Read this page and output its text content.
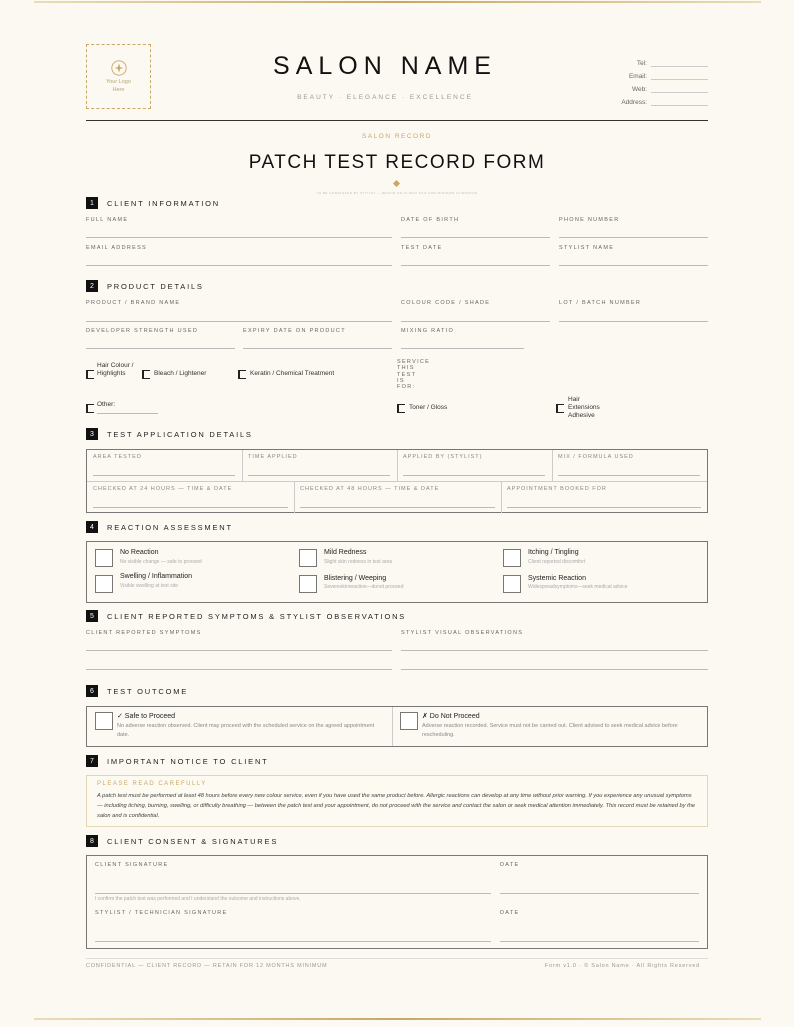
Your Logo Here
SALON NAME
BEAUTY · ELEGANCE · EXCELLENCE
Tel:
Email:
Web:
Address:
SALON RECORD
PATCH TEST RECORD FORM
TO BE COMPLETED BY STYLIST — RETAIN ON CLIENT FILE FOR MINIMUM 12 MONTHS
1	CLIENT INFORMATION
FULL NAME	DATE OF BIRTH	PHONE NUMBER
EMAIL ADDRESS	TEST DATE	STYLIST NAME
2	PRODUCT DETAILS
PRODUCT / BRAND NAME	COLOUR CODE / SHADE	LOT / BATCH NUMBER
DEVELOPER STRENGTH USED	EXPIRY DATE ON PRODUCT	MIXING RATIO
Hair Colour / Highlights	Bleach / Lightener	Keratin / Chemical Treatment
SERVICE THIS TEST IS FOR:
Other:	Toner / Gloss
Hair Extensions Adhesive
3	TEST APPLICATION DETAILS
AREA TESTED	TIME APPLIED	APPLIED BY (STYLIST)	MIX / FORMULA USED
CHECKED AT 24 HOURS — TIME & DATE	CHECKED AT 48 HOURS — TIME & DATE	APPOINTMENT BOOKED FOR
4	REACTION ASSESSMENT
No Reaction
No visible change — safe to proceed
Mild Redness
Slight skin redness in test area
Itching / Tingling
Client reported discomfort
Swelling / Inflammation
Visible swelling at test site
Blistering / Weeping
Severeskinreaction—donot proceed
Systemic Reaction
Widespreadsymptoms—seek medical advice
5	CLIENT REPORTED SYMPTOMS & STYLIST OBSERVATIONS
CLIENT REPORTED SYMPTOMS	STYLIST VISUAL OBSERVATIONS
6	TEST OUTCOME
✓ Safe to Proceed
No adverse reaction observed. Client may proceed with the scheduled service on the agreed appointment date.
✗ Do Not Proceed
Adverse reaction recorded. Service must not be carried out. Client advised to seek medical advice before rescheduling.
7	IMPORTANT NOTICE TO CLIENT
PLEASE READ CAREFULLY
A patch test must be performed at least 48 hours before every new colour service, even if you have used the same product before. Allergic reactions can develop at any time without prior warning. If you experience any unusual symptoms — including itching, burning, swelling, or difficulty breathing — between the patch test and your appointment, do not proceed with the service and contact the salon or seek medical attention immediately. This record must be retained by the salon and is confidential.
8	CLIENT CONSENT & SIGNATURES
CLIENT SIGNATURE	DATE
I confirm the patch test was performed and I understand the outcome and instructions above.
STYLIST / TECHNICIAN SIGNATURE	DATE
CONFIDENTIAL — CLIENT RECORD — RETAIN FOR 12 MONTHS MINIMUM	Form v1.0 · © Salon Name · All Rights Reserved
